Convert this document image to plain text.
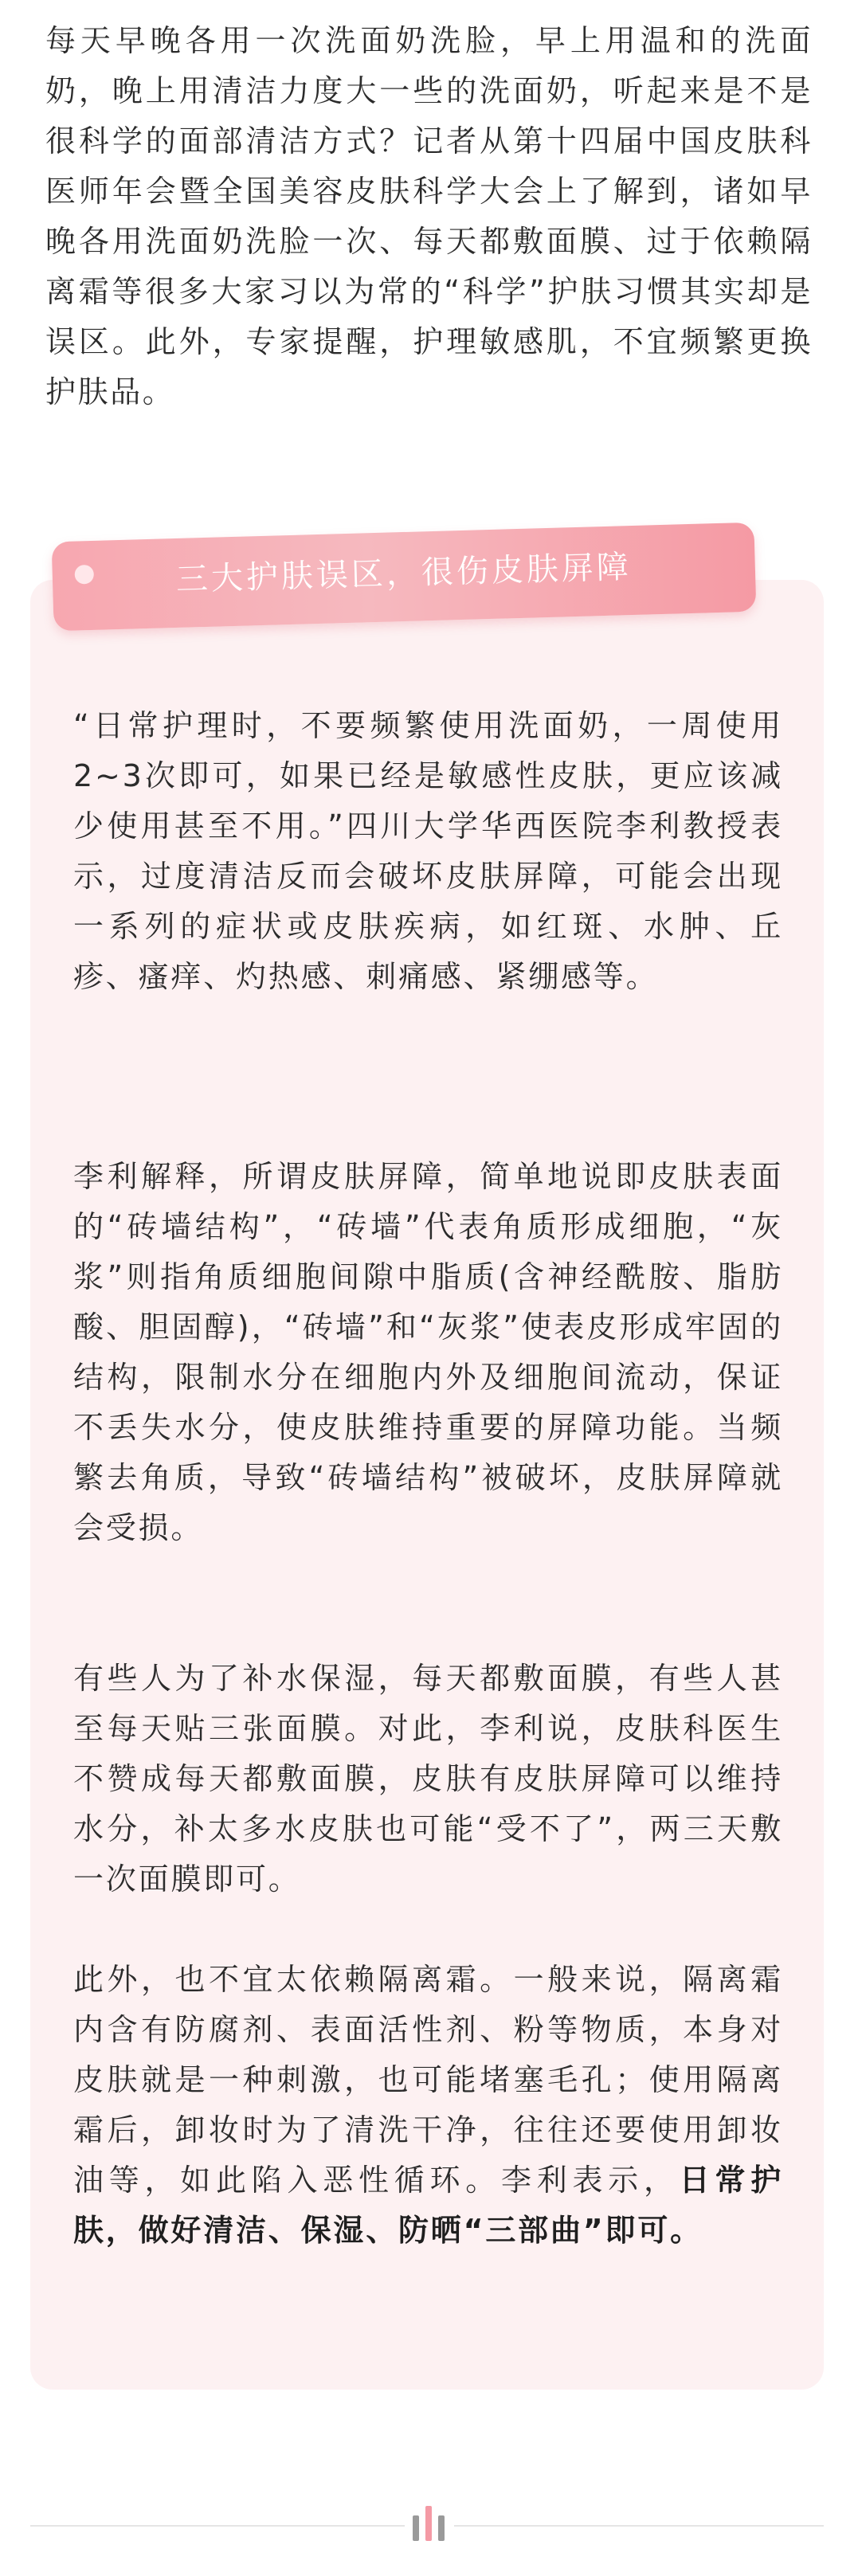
每天早晚各用一次洗面奶洗脸，早上用温和的洗面奶，晚上用清洁力度大一些的洗面奶，听起来是不是很科学的面部清洁方式？记者从第十四届中国皮肤科医师年会暨全国美容皮肤科学大会上了解到，诸如早晚各用洗面奶洗脸一次、每天都敷面膜、过于依赖隔离霜等很多大家习以为常的“科学”护肤习惯其实却是误区。此外，专家提醒，护理敏感肌，不宜频繁更换护肤品。

三大护肤误区，很伤皮肤屏障

“日常护理时，不要频繁使用洗面奶，一周使用2~3次即可，如果已经是敏感性皮肤，更应该减少使用甚至不用。”四川大学华西医院李利教授表示，过度清洁反而会破坏皮肤屏障，可能会出现一系列的症状或皮肤疾病，如红斑、水肿、丘疹、瘙痒、灼热感、刺痛感、紧绷感等。

李利解释，所谓皮肤屏障，简单地说即皮肤表面的“砖墙结构”，“砖墙”代表角质形成细胞，“灰浆”则指角质细胞间隙中脂质(含神经酰胺、脂肪酸、胆固醇)，“砖墙”和“灰浆”使表皮形成牢固的结构，限制水分在细胞内外及细胞间流动，保证不丢失水分，使皮肤维持重要的屏障功能。当频繁去角质，导致“砖墙结构”被破坏，皮肤屏障就会受损。

有些人为了补水保湿，每天都敷面膜，有些人甚至每天贴三张面膜。对此，李利说，皮肤科医生不赞成每天都敷面膜，皮肤有皮肤屏障可以维持水分，补太多水皮肤也可能“受不了”，两三天敷一次面膜即可。

此外，也不宜太依赖隔离霜。一般来说，隔离霜内含有防腐剂、表面活性剂、粉等物质，本身对皮肤就是一种刺激，也可能堵塞毛孔；使用隔离霜后，卸妆时为了清洗干净，往往还要使用卸妆油等，如此陷入恶性循环。李利表示，日常护肤，做好清洁、保湿、防晒“三部曲”即可。
